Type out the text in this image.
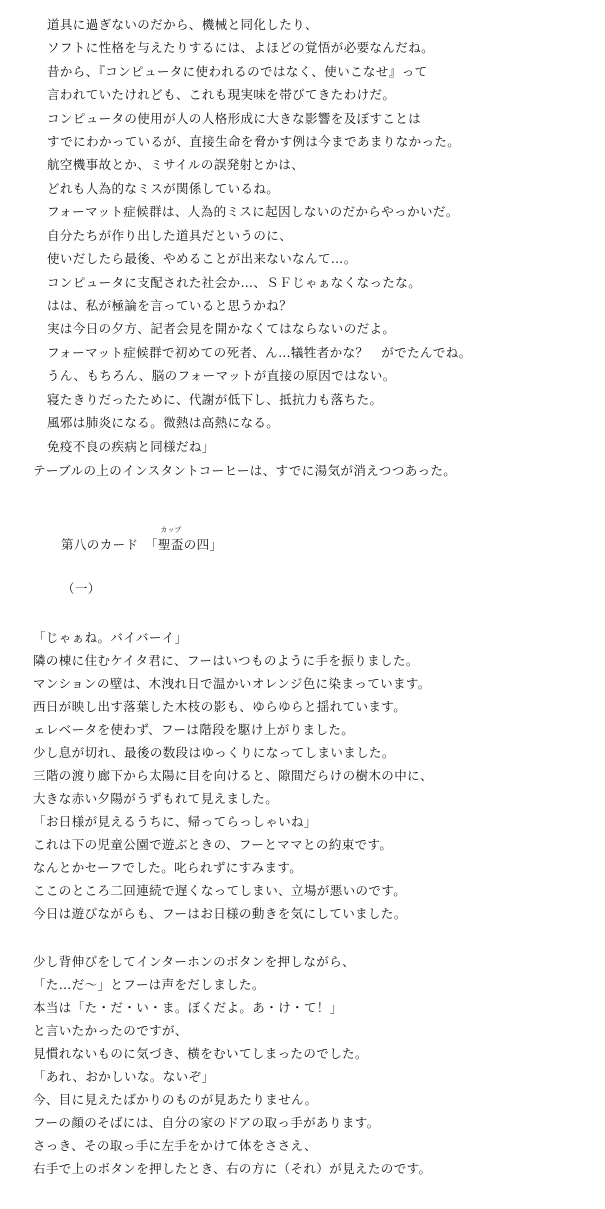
道具に過ぎないのだから、機械と同化したり、
ソフトに性格を与えたりするには、よほどの覚悟が必要なんだね。
昔から、『コンピュータに使われるのではなく、使いこなせ』って
言われていたけれども、これも現実味を帯びてきたわけだ。
コンピュータの使用が人の人格形成に大きな影響を及ぼすことは
すでにわかっているが、直接生命を脅かす例は今まであまりなかった。
航空機事故とか、ミサイルの誤発射とかは、
どれも人為的なミスが関係しているね。
フォーマット症候群は、人為的ミスに起因しないのだからやっかいだ。
自分たちが作り出した道具だというのに、
使いだしたら最後、やめることが出来ないなんて…。
コンピュータに支配された社会か…、ＳＦじゃぁなくなったな。
はは、私が極論を言っていると思うかね？
実は今日の夕方、記者会見を開かなくてはならないのだよ。
フォーマット症候群で初めての死者、ん…犠牲者かな？　がでたんでね。
うん、もちろん、脳のフォーマットが直接の原因ではない。
寝たきりだったために、代謝が低下し、抵抗力も落ちた。
風邪は肺炎になる。微熱は高熱になる。
免疫不良の疾病と同様だね」
テーブルの上のインスタントコーヒーは、すでに湯気が消えつつあった。
第八のカード　「聖盃
カップ
の四」
（一）
「じゃぁね。バイバーイ」
隣の棟に住むケイタ君に、フーはいつものように手を振りました。
マンションの壁は、木洩れ日で温かいオレンジ色に染まっています。
西日が映し出す落葉した木枝の影も、ゆらゆらと揺れています。
ェレベータを使わず、フーは階段を駆け上がりました。
少し息が切れ、最後の数段はゆっくりになってしまいました。
三階の渡り廊下から太陽に目を向けると、隙間だらけの樹木の中に、
大きな赤い夕陽がうずもれて見えました。
「お日様が見えるうちに、帰ってらっしゃいね」
これは下の児童公園で遊ぶときの、フーとママとの約束です。
なんとかセーフでした。叱られずにすみます。
ここのところ二回連続で遅くなってしまい、立場が悪いのです。
今日は遊びながらも、フーはお日様の動きを気にしていました。
少し背伸びをしてインターホンのボタンを押しながら、
「た…だ～」とフーは声をだしました。
本当は「た・だ・い・ま。ぼくだよ。あ・け・て！」
と言いたかったのですが、
見慣れないものに気づき、横をむいてしまったのでした。
「あれ、おかしいな。ないぞ」
今、目に見えたばかりのものが見あたりません。
フーの顔のそばには、自分の家のドアの取っ手があります。
さっき、その取っ手に左手をかけて体をささえ、
右手で上のボタンを押したとき、右の方に（それ）が見えたのです。
